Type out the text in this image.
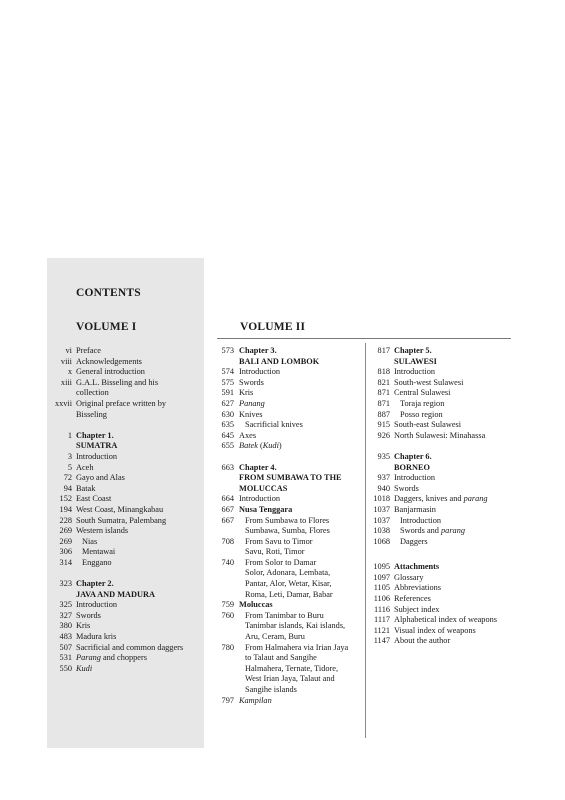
CONTENTS
VOLUME I	VOLUME II
vi Preface
viii Acknowledgements
x General introduction
xiii G.A.L. Bisseling and his collection
xxvii Original preface written by Bisseling
1 Chapter 1.
SUMATRA
3 Introduction
5 Aceh
72 Gayo and Alas
94 Batak
152 East Coast
194 West Coast, Minangkabau
228 South Sumatra, Palembang
269 Western islands
269	Nias
306	Mentawai
314	Enggano
323 Chapter 2.
JAVA AND MADURA
325 Introduction
327 Swords
380 Kris
483 Madura kris
507 Sacrificial and common daggers
531 Parang and choppers
550 Kudi
573 Chapter 3.
BALI AND LOMBOK
574 Introduction
575 Swords
591 Kris
627 Panang
630 Knives
635	Sacrificial knives
645 Axes
655 Batek (Kudi)
663 Chapter 4.
FROM SUMBAWA TO THE
MOLUCCAS
664 Introduction
667 Nusa Tenggara
667	From Sumbawa to Flores
Sumbawa, Sumba, Flores
708	From Savu to Timor
Savu, Roti, Timor
740	From Solor to Damar
Solor, Adonara, Lembata,
Pantar, Alor, Wetar, Kisar,
Roma, Leti, Damar, Babar
759 Moluccas
760	From Tanimbar to Buru
Tanimbar islands, Kai islands,
Aru, Ceram, Buru
780	From Halmahera via Irian Jaya
to Talaut and Sangihe
Halmahera, Ternate, Tidore,
West Irian Jaya, Talaut and
Sangihe islands
797 Kampilan
817 Chapter 5.
SULAWESI
818 Introduction
821 South-west Sulawesi
871 Central Sulawesi
871	Toraja region
887	Posso region
915 South-east Sulawesi
926 North Sulawesi: Minahassa
935 Chapter 6.
BORNEO
937 Introduction
940 Swords
1018 Daggers, knives and parang
1037 Banjarmasin
1037	Introduction
1038	Swords and parang
1068	Daggers
1095 Attachments
1097 Glossary
1105 Abbreviations
1106 References
1116 Subject index
1117 Alphabetical index of weapons
1121 Visual index of weapons
1147 About the author
